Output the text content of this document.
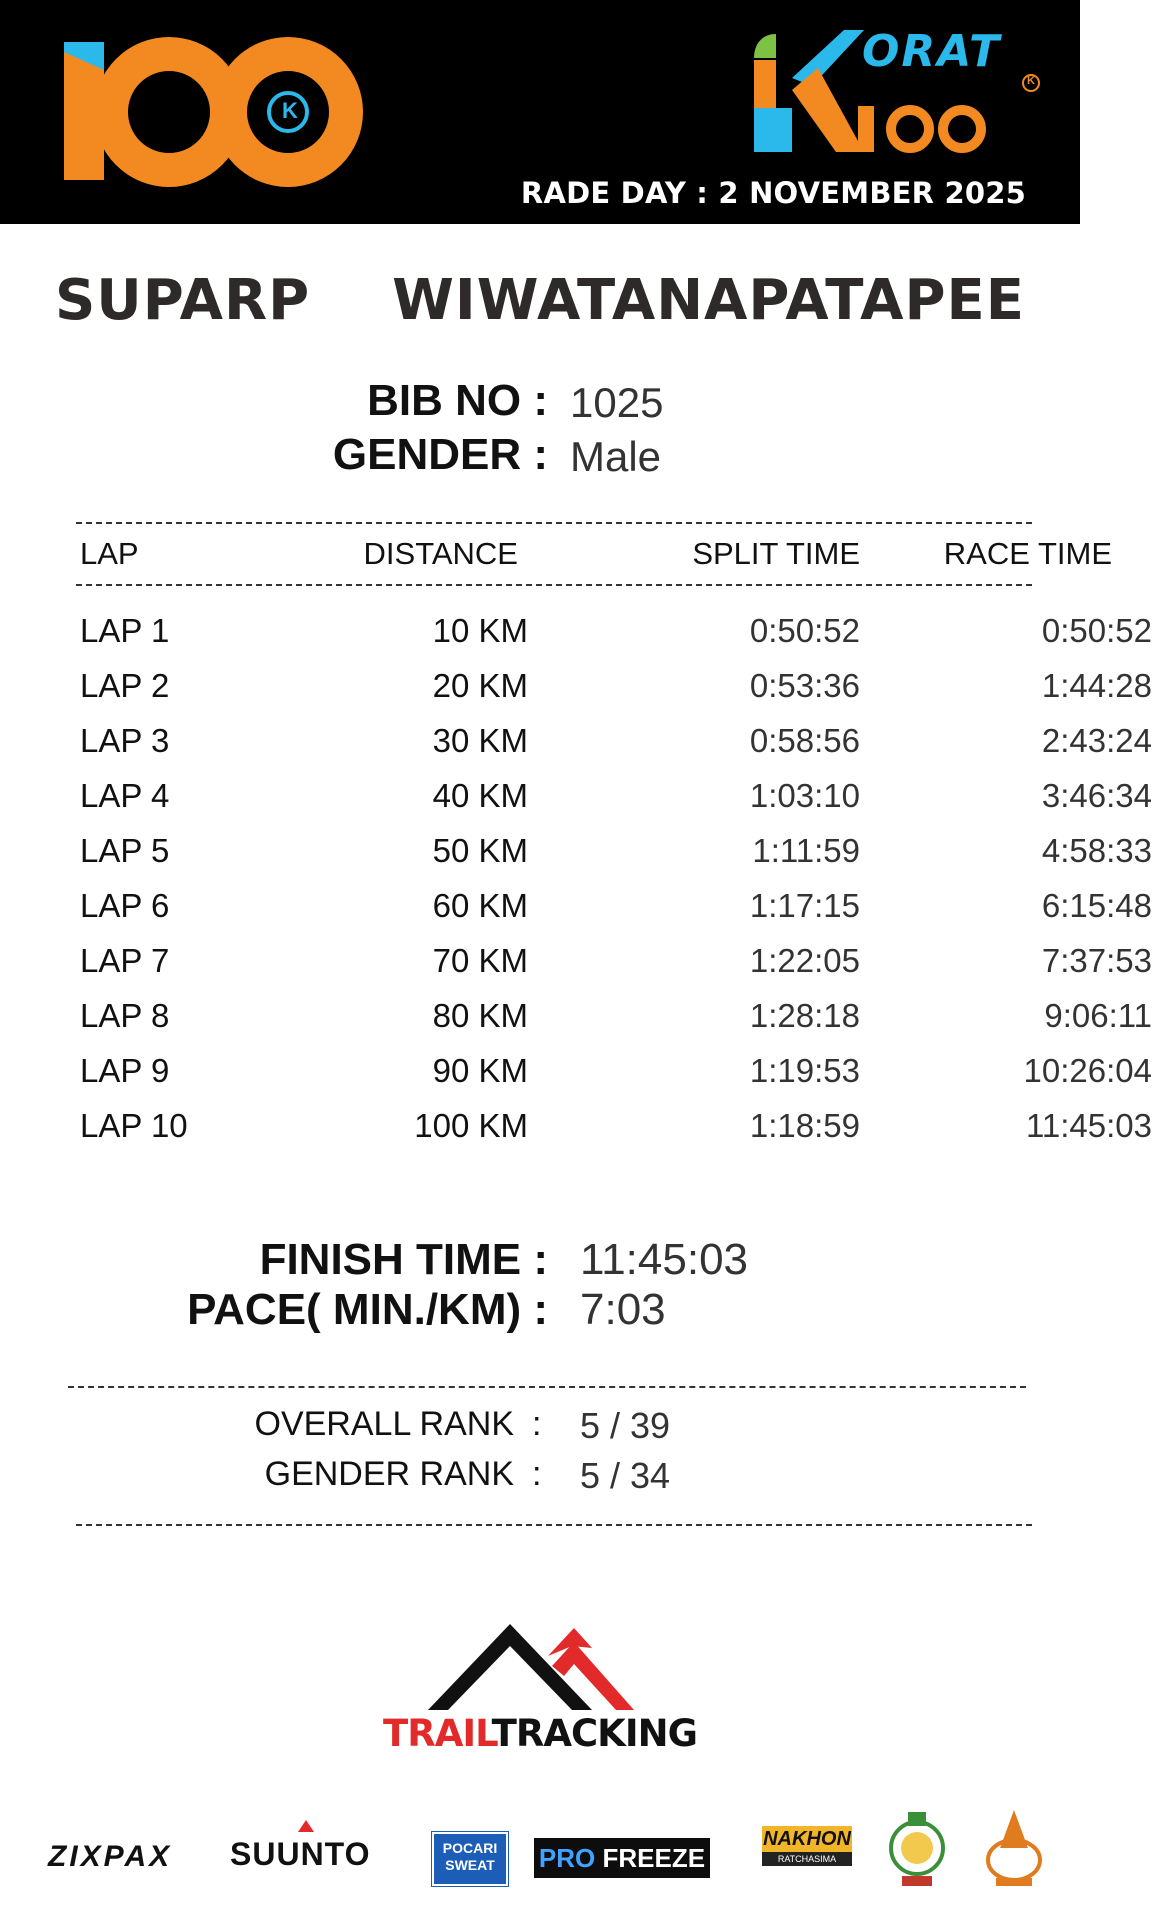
K
ORAT
K
RADE DAY : 2 NOVEMBER 2025
SUPARP    WIWATANAPATAPEE
BIB NO : 1025
GENDER : Male
LAP	DISTANCE	SPLIT TIME	RACE TIME
LAP 1	10 KM	0:50:52	0:50:52
LAP 2	20 KM	0:53:36	1:44:28
LAP 3	30 KM	0:58:56	2:43:24
LAP 4	40 KM	1:03:10	3:46:34
LAP 5	50 KM	1:11:59	4:58:33
LAP 6	60 KM	1:17:15	6:15:48
LAP 7	70 KM	1:22:05	7:37:53
LAP 8	80 KM	1:28:18	9:06:11
LAP 9	90 KM	1:19:53	10:26:04
LAP 10	100 KM	1:18:59	11:45:03
FINISH TIME : 11:45:03
PACE( MIN./KM) : 7:03
OVERALL RANK : 5 / 39
GENDER RANK : 5 / 34
TRAILTRACKING
ZIXPAX SUUNTO	POCARI
SWEAT	PRO FREEZE
NAKHON
RATCHASIMA
